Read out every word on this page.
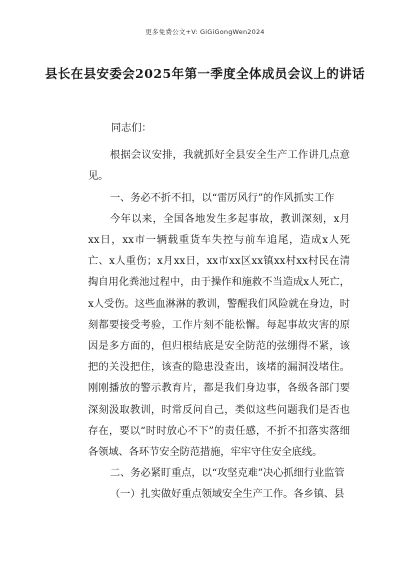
更多免费公文+V: GiGiGongWen2024
县长在县安委会2025年第一季度全体成员会议上的讲话

同志们：

根据会议安排，我就抓好全县安全生产工作讲几点意见。

一、务必不折不扣，以“雷厉风行”的作风抓实工作

今年以来，全国各地发生多起事故，教训深刻，x月xx日，xx市一辆载重货车失控与前车追尾，造成x人死亡、x人重伤；x月xx日，xx市xx区xx镇xx村xx村民在清掏自用化粪池过程中，由于操作和施救不当造成x人死亡，x人受伤。这些血淋淋的教训，警醒我们风险就在身边，时刻都要接受考验，工作片刻不能松懈。每起事故灾害的原因是多方面的，但归根结底是安全防范的弦绷得不紧，该把的关没把住，该查的隐患没查出，该堵的漏洞没堵住。刚刚播放的警示教育片，都是我们身边事，各级各部门要深刻汲取教训，时常反问自己，类似这些问题我们是否也存在，要以“时时放心不下”的责任感，不折不扣落实落细各领域、各环节安全防范措施，牢牢守住安全底线。

二、务必紧盯重点，以“攻坚克难”决心抓细行业监管

（一）扎实做好重点领域安全生产工作。各乡镇、县
